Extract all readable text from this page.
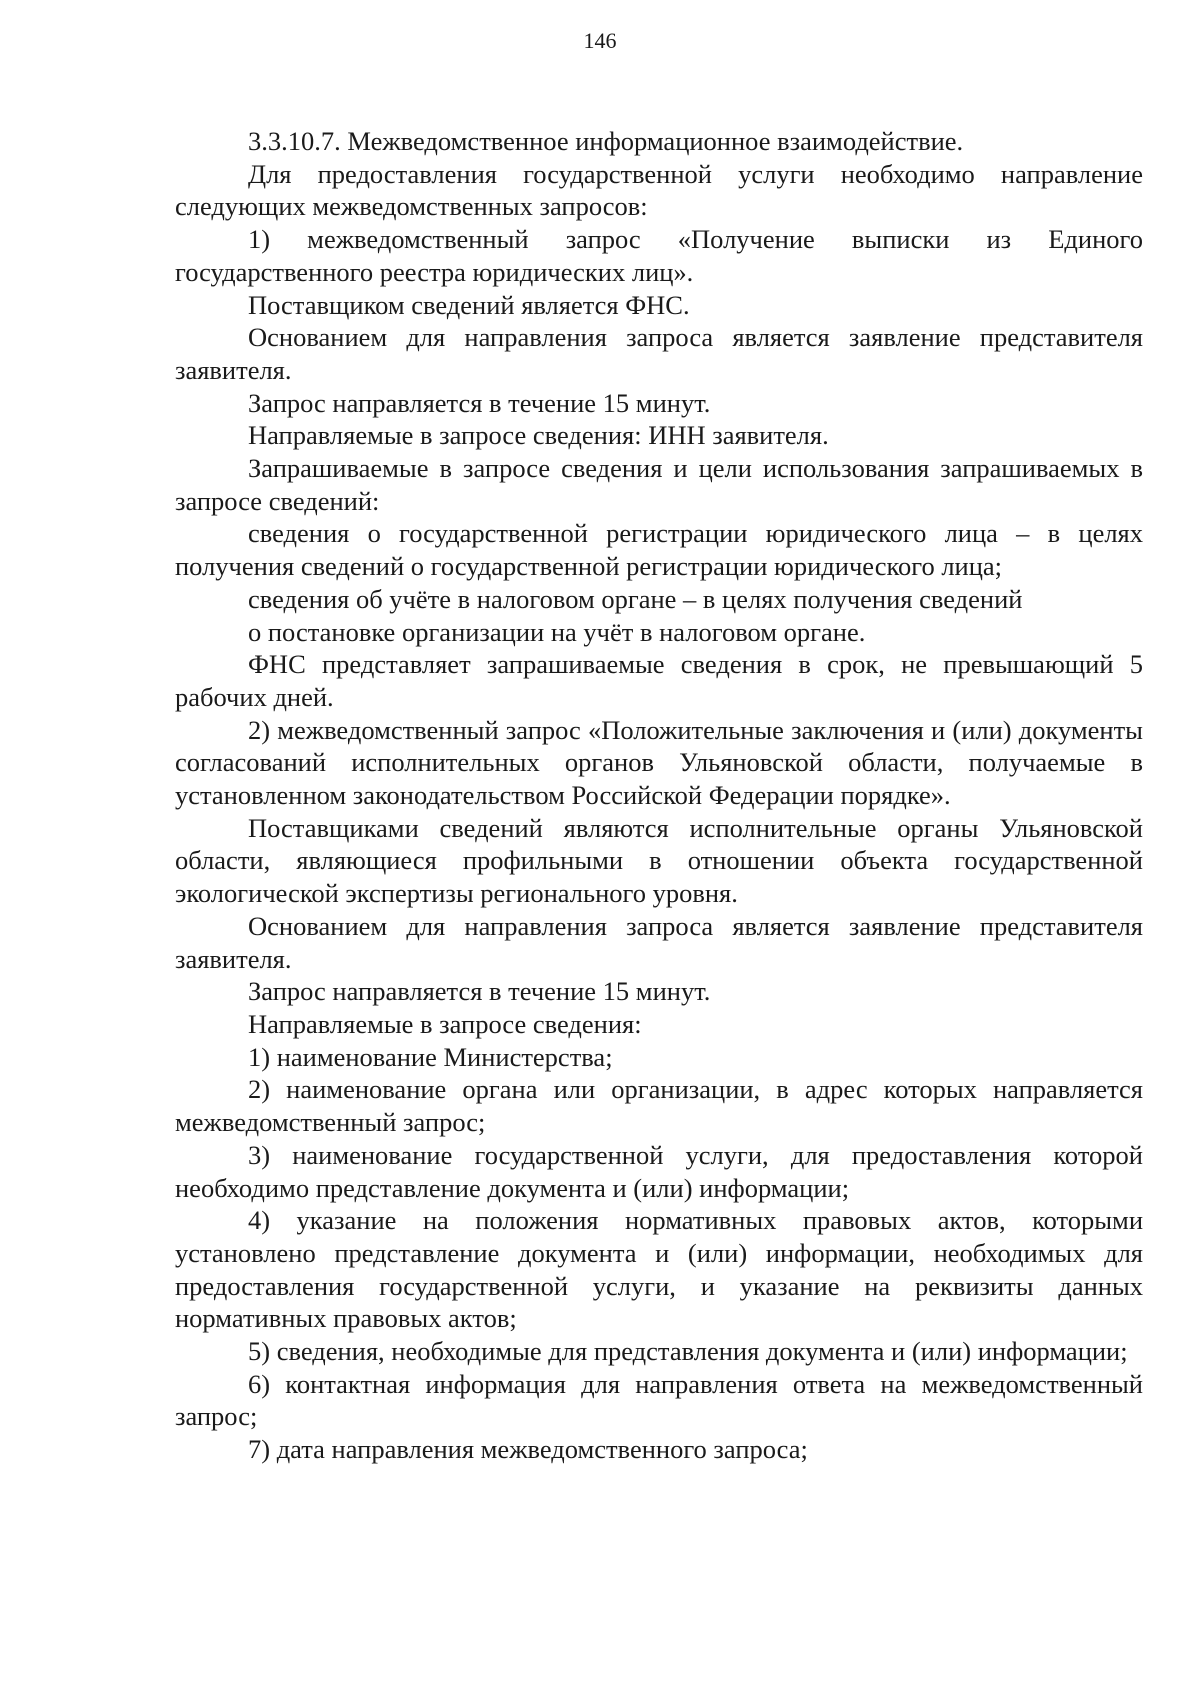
146

3.3.10.7. Межведомственное информационное взаимодействие.

Для предоставления государственной услуги необходимо направление следующих межведомственных запросов:

1) межведомственный запрос «Получение выписки из Единого государственного реестра юридических лиц».

Поставщиком сведений является ФНС.

Основанием для направления запроса является заявление представителя заявителя.

Запрос направляется в течение 15 минут.

Направляемые в запросе сведения: ИНН заявителя.

Запрашиваемые в запросе сведения и цели использования запрашиваемых в запросе сведений:

сведения о государственной регистрации юридического лица – в целях получения сведений о государственной регистрации юридического лица;

сведения об учёте в налоговом органе – в целях получения сведений

о постановке организации на учёт в налоговом органе.

ФНС представляет запрашиваемые сведения в срок, не превышающий 5 рабочих дней.

2) межведомственный запрос «Положительные заключения и (или) документы согласований исполнительных органов Ульяновской области, получаемые в установленном законодательством Российской Федерации порядке».

Поставщиками сведений являются исполнительные органы Ульяновской области, являющиеся профильными в отношении объекта государственной экологической экспертизы регионального уровня.

Основанием для направления запроса является заявление представителя заявителя.

Запрос направляется в течение 15 минут.

Направляемые в запросе сведения:

1) наименование Министерства;

2) наименование органа или организации, в адрес которых направляется межведомственный запрос;

3) наименование государственной услуги, для предоставления которой необходимо представление документа и (или) информации;

4) указание на положения нормативных правовых актов, которыми установлено представление документа и (или) информации, необходимых для предоставления государственной услуги, и указание на реквизиты данных нормативных правовых актов;

5) сведения, необходимые для представления документа и (или) информации;

6) контактная информация для направления ответа на межведомственный запрос;

7) дата направления межведомственного запроса;
